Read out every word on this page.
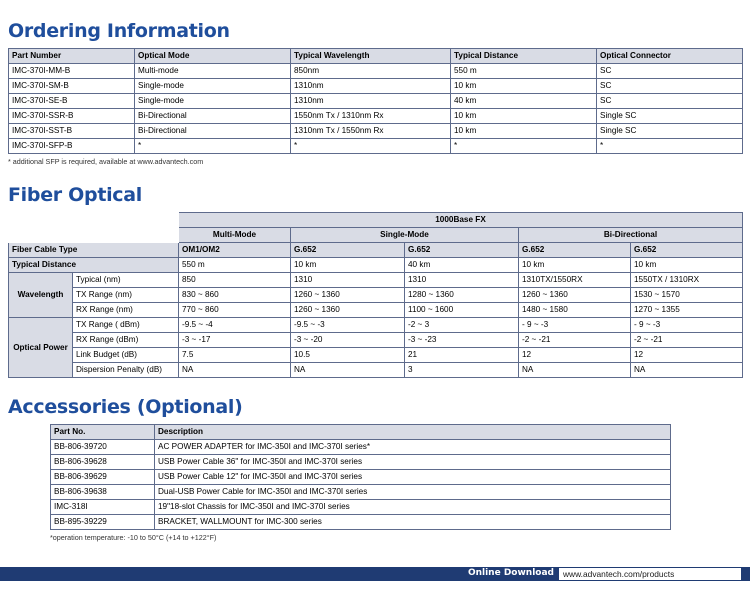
Ordering Information
Part Number	Optical Mode	Typical Wavelength	Typical Distance	Optical Connector
IMC-370I-MM-B	Multi-mode	850nm	550 m	SC
IMC-370I-SM-B	Single-mode	1310nm	10 km	SC
IMC-370I-SE-B	Single-mode	1310nm	40 km	SC
IMC-370I-SSR-B	Bi-Directional	1550nm Tx / 1310nm Rx	10 km	Single SC
IMC-370I-SST-B	Bi-Directional	1310nm Tx / 1550nm Rx	10 km	Single SC
IMC-370I-SFP-B	*	*	*	*
* additional SFP is required, available at www.advantech.com
Fiber Optical
		1000Base FX				
		Multi-Mode	Single-Mode		Bi-Directional	
Fiber Cable Type		OM1/OM2	G.652	G.652	G.652	G.652
Typical Distance		550 m	10 km	40 km	10 km	10 km
Wavelength	Typical (nm)	850	1310	1310	1310TX/1550RX	1550TX / 1310RX
	TX Range (nm)	830 ~ 860	1260 ~ 1360	1280 ~ 1360	1260 ~ 1360	1530 ~ 1570
	RX Range (nm)	770 ~ 860	1260 ~ 1360	1100 ~ 1600	1480 ~ 1580	1270 ~ 1355
Optical Power	TX Range ( dBm)	-9.5 ~ -4	-9.5 ~ -3	-2 ~ 3	- 9 ~ -3	- 9 ~ -3
	RX Range (dBm)	-3 ~ -17	-3 ~ -20	-3 ~ -23	-2 ~ -21	-2 ~ -21
	Link Budget (dB)	7.5	10.5	21	12	12
	Dispersion Penalty (dB)	NA	NA	3	NA	NA
Accessories (Optional)
Part No.	Description
BB-806-39720	AC POWER ADAPTER for IMC-350I and IMC-370I series*
BB-806-39628	USB Power Cable 36" for IMC-350I and IMC-370I series
BB-806-39629	USB Power Cable 12" for IMC-350I and IMC-370I series
BB-806-39638	Dual-USB Power Cable for IMC-350I and IMC-370I series
IMC-318I	19"18-slot Chassis for IMC-350I and IMC-370I series
BB-895-39229	BRACKET, WALLMOUNT for IMC-300 series
*operation temperature: -10 to 50°C (+14 to +122°F)
Online Download	www.advantech.com/products
